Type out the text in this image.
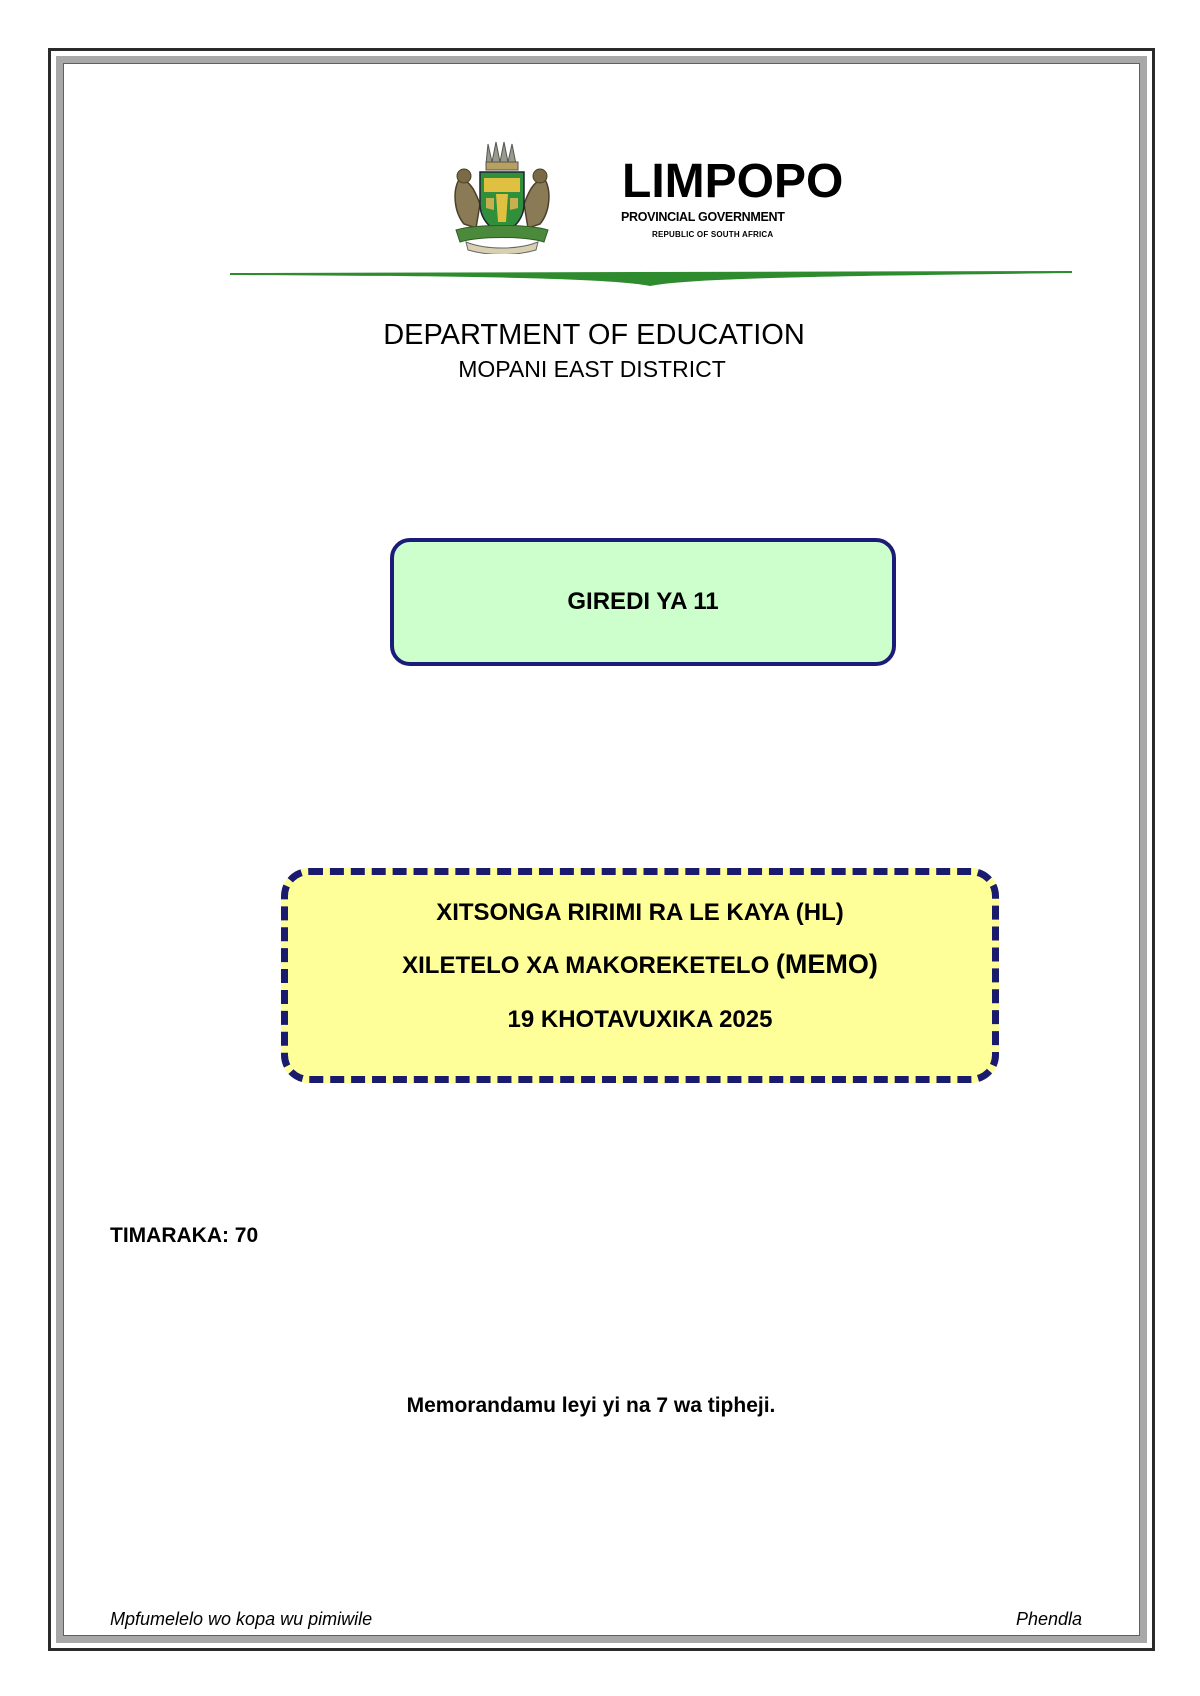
LIMPOPO
PROVINCIAL GOVERNMENT
REPUBLIC OF SOUTH AFRICA
DEPARTMENT OF EDUCATION
MOPANI EAST DISTRICT
GIREDI YA 11
XITSONGA RIRIMI RA LE KAYA (HL)
XILETELO XA MAKOREKETELO (MEMO)
19 KHOTAVUXIKA 2025
TIMARAKA: 70
Memorandamu leyi yi na 7 wa tipheji.
Mpfumelelo wo kopa wu pimiwile	Phendla
